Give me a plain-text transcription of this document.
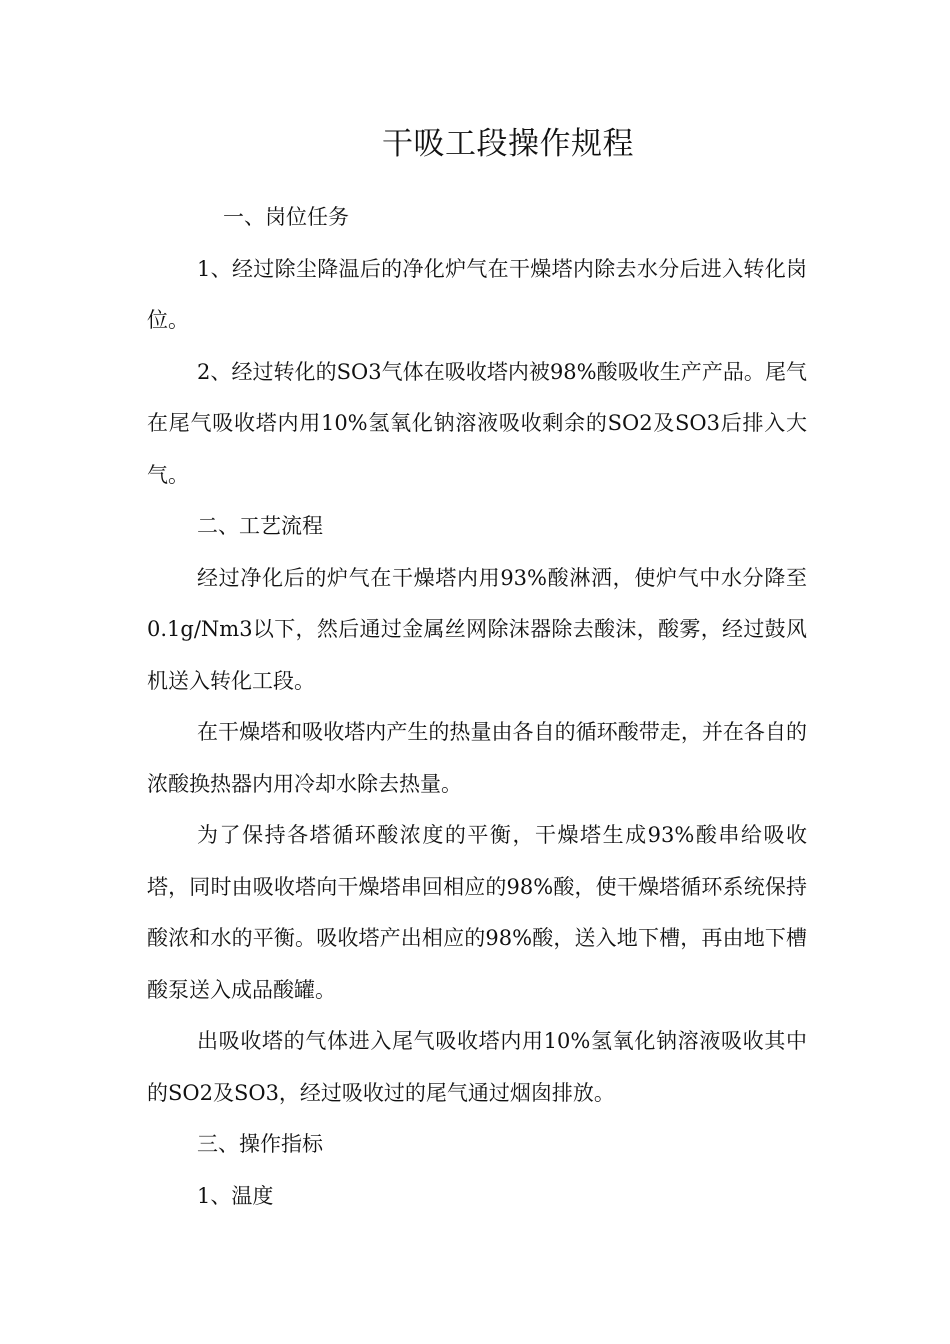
干吸工段操作规程

一、岗位任务

1、经过除尘降温后的净化炉气在干燥塔内除去水分后进入转化岗位。

2、经过转化的SO3气体在吸收塔内被98%酸吸收生产产品。尾气在尾气吸收塔内用10%氢氧化钠溶液吸收剩余的SO2及SO3后排入大气。

二、工艺流程

经过净化后的炉气在干燥塔内用93%酸淋洒，使炉气中水分降至0.1g/Nm3以下，然后通过金属丝网除沫器除去酸沫，酸雾，经过鼓风机送入转化工段。

在干燥塔和吸收塔内产生的热量由各自的循环酸带走，并在各自的浓酸换热器内用冷却水除去热量。

为了保持各塔循环酸浓度的平衡，干燥塔生成93%酸串给吸收塔，同时由吸收塔向干燥塔串回相应的98%酸，使干燥塔循环系统保持酸浓和水的平衡。吸收塔产出相应的98%酸，送入地下槽，再由地下槽酸泵送入成品酸罐。

出吸收塔的气体进入尾气吸收塔内用10%氢氧化钠溶液吸收其中的SO2及SO3，经过吸收过的尾气通过烟囱排放。

三、操作指标

1、温度
